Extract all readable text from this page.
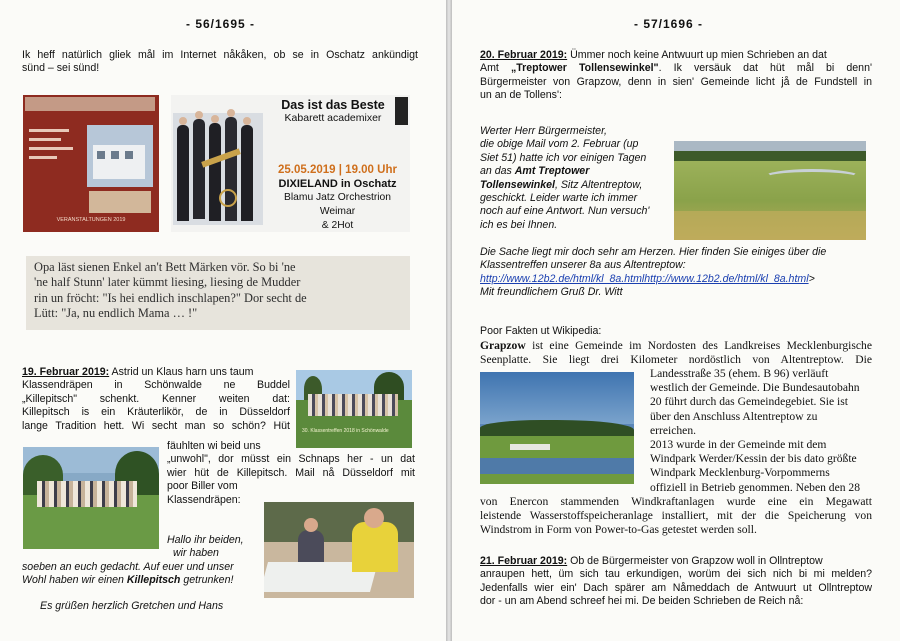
- 56/1695 -
Ik heff natürlich gliek mål im Internet nåkåken, ob se in Oschatz ankündigt
sünd – sei sünd!
VERANSTALTUNGEN 2019
Das ist das Beste
Kabarett academixer
25.05.2019 | 19.00 Uhr
DIXIELAND in Oschatz
Blamu Jatz Orchestrion Weimar
& 2Hot
Opa läst sienen Enkel an't Bett Märken vör. So bi 'ne
'ne half Stunn' later kümmt liesing, liesing de Mudder
rin un fröcht: "Is hei endlich inschlapen?" Dor secht de
Lütt: "Ja, nu endlich Mama … !"
19. Februar 2019: Astrid un Klaus harn uns taum
Klassendräpen in Schönwalde ne Buddel
„Killepitsch" schenkt. Kenner weiten dat:
Killepitsch is ein Kräuterlikör, de in Düsseldorf
lange Tradition hett. Wi secht man so schön? Hüt 30. Klassentreffen 2018 in Schönwalde
fäuhlten wi beid uns
„unwohl", dor müsst ein Schnaps her - un dat
wier hüt de Killepitsch. Mail nå Düsseldorf mit
poor Biller vom
Klassendräpen:
Hallo ihr beiden,
wir haben
soeben an euch gedacht. Auf euer und unser
Wohl haben wir einen Killepitsch getrunken!
Es grüßen herzlich Gretchen und Hans
- 57/1696 -
20. Februar 2019: Ümmer noch keine Antwuurt up mien Schrieben an dat
Amt „Treptower Tollensewinkel". Ik versäuk dat hüt mål bi denn'
Bürgermeister von Grapzow, denn in sien' Gemeinde licht jå de Fundstell in
un an de Tollens':
Werter Herr Bürgermeister,
die obige Mail vom 2. Februar (up
Siet 51) hatte ich vor einigen Tagen
an das Amt Treptower
Tollensewinkel, Sitz Altentreptow,
geschickt. Leider warte ich immer
noch auf eine Antwort. Nun versuch'
ich es bei Ihnen.
Die Sache liegt mir doch sehr am Herzen. Hier finden Sie einiges über die
Klassentreffen unserer 8a aus Altentreptow:
http://www.12b2.de/html/kl_8a.htmlhttp://www.12b2.de/html/kl_8a.html>
Mit freundlichem Gruß Dr. Witt
Poor Fakten ut Wikipedia:
Grapzow ist eine Gemeinde im Nordosten des Landkreises Mecklenburgische
Seenplatte. Sie liegt drei Kilometer nordöstlich von Altentreptow. Die
Landesstraße 35 (ehem. B 96) verläuft
westlich der Gemeinde. Die Bundesautobahn
20 führt durch das Gemeindegebiet. Sie ist
über den Anschluss Altentreptow zu
erreichen.
2013 wurde in der Gemeinde mit dem
Windpark Werder/Kessin der bis dato größte
Windpark Mecklenburg-Vorpommerns
offiziell in Betrieb genommen. Neben den 28
von Enercon stammenden Windkraftanlagen wurde eine ein Megawatt
leistende Wasserstoffspeicheranlage installiert, mit der die Speicherung von
Windstrom in Form von Power-to-Gas getestet werden soll.
21. Februar 2019: Ob de Bürgermeister von Grapzow woll in Ollntreptow
anraupen hett, üm sich tau erkundigen, worüm dei sich nich bi mi melden?
Jedenfalls wier ein' Dach spärer am Nåmeddach de Antwuurt ut Ollntreptow
dor - un am Abend schreef hei mi. De beiden Schrieben de Reich nå:
